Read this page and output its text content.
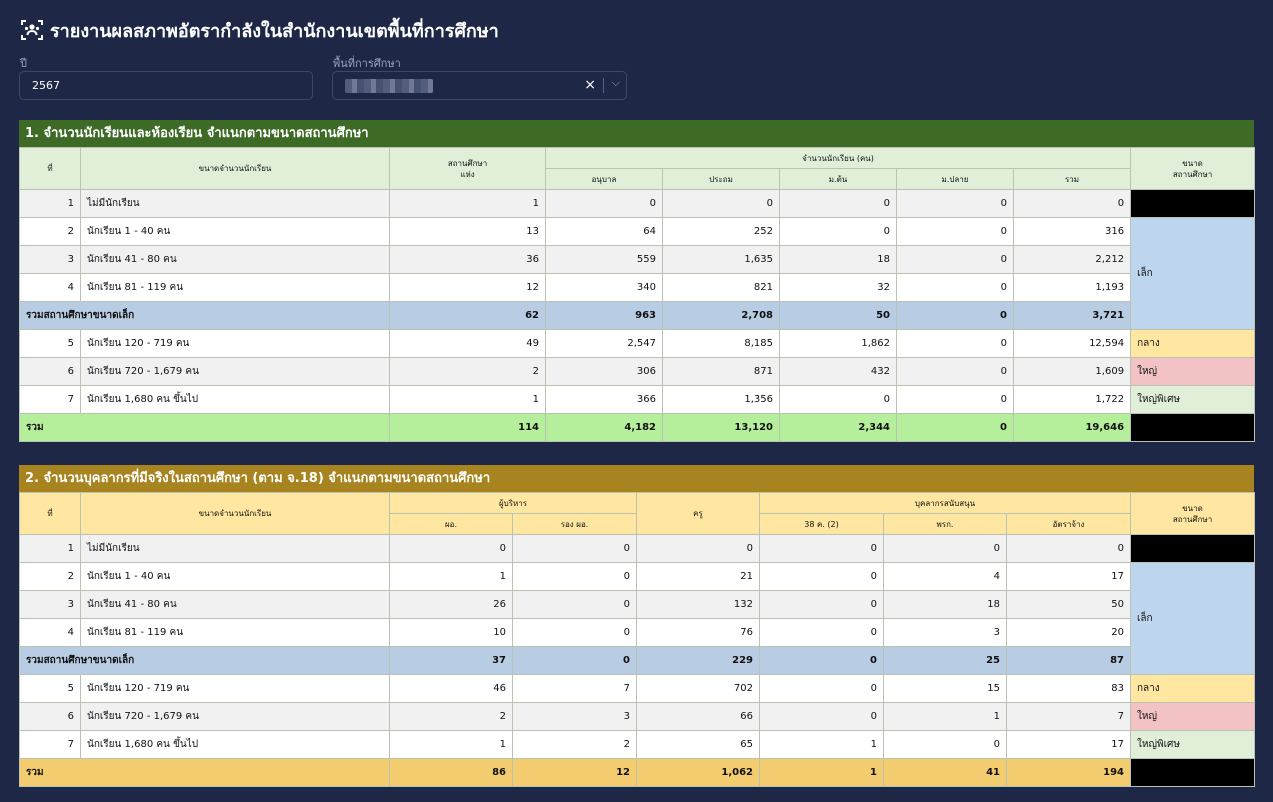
รายงานผลสภาพอัตรากำลังในสำนักงานเขตพื้นที่การศึกษา
ปี
2567
พื้นที่การศึกษา
× ⌵
1. จำนวนนักเรียนและห้องเรียน จำแนกตามขนาดสถานศึกษา
ที่	ขนาดจำนวนนักเรียน	สถานศึกษา
แห่ง	จำนวนนักเรียน (คน)					ขนาด
สถานศึกษา
			อนุบาล	ประถม	ม.ต้น	ม.ปลาย	รวม	
1	ไม่มีนักเรียน	1	0	0	0	0	0	
2	นักเรียน 1 - 40 คน	13	64	252	0	0	316	เล็ก
3	นักเรียน 41 - 80 คน	36	559	1,635	18	0	2,212	
4	นักเรียน 81 - 119 คน	12	340	821	32	0	1,193	
รวมสถานศึกษาขนาดเล็ก		62	963	2,708	50	0	3,721	
5	นักเรียน 120 - 719 คน	49	2,547	8,185	1,862	0	12,594	กลาง
6	นักเรียน 720 - 1,679 คน	2	306	871	432	0	1,609	ใหญ่
7	นักเรียน 1,680 คน ขึ้นไป	1	366	1,356	0	0	1,722	ใหญ่พิเศษ
รวม		114	4,182	13,120	2,344	0	19,646	
2. จำนวนบุคลากรที่มีจริงในสถานศึกษา (ตาม จ.18) จำแนกตามขนาดสถานศึกษา
ที่	ขนาดจำนวนนักเรียน	ผู้บริหาร		ครู	บุคลากรสนับสนุน			ขนาด
สถานศึกษา
		ผอ.	รอง ผอ.		38 ค. (2)	พรก.	อัตราจ้าง	
1	ไม่มีนักเรียน	0	0	0	0	0	0	
2	นักเรียน 1 - 40 คน	1	0	21	0	4	17	เล็ก
3	นักเรียน 41 - 80 คน	26	0	132	0	18	50	
4	นักเรียน 81 - 119 คน	10	0	76	0	3	20	
รวมสถานศึกษาขนาดเล็ก		37	0	229	0	25	87	
5	นักเรียน 120 - 719 คน	46	7	702	0	15	83	กลาง
6	นักเรียน 720 - 1,679 คน	2	3	66	0	1	7	ใหญ่
7	นักเรียน 1,680 คน ขึ้นไป	1	2	65	1	0	17	ใหญ่พิเศษ
รวม		86	12	1,062	1	41	194	
